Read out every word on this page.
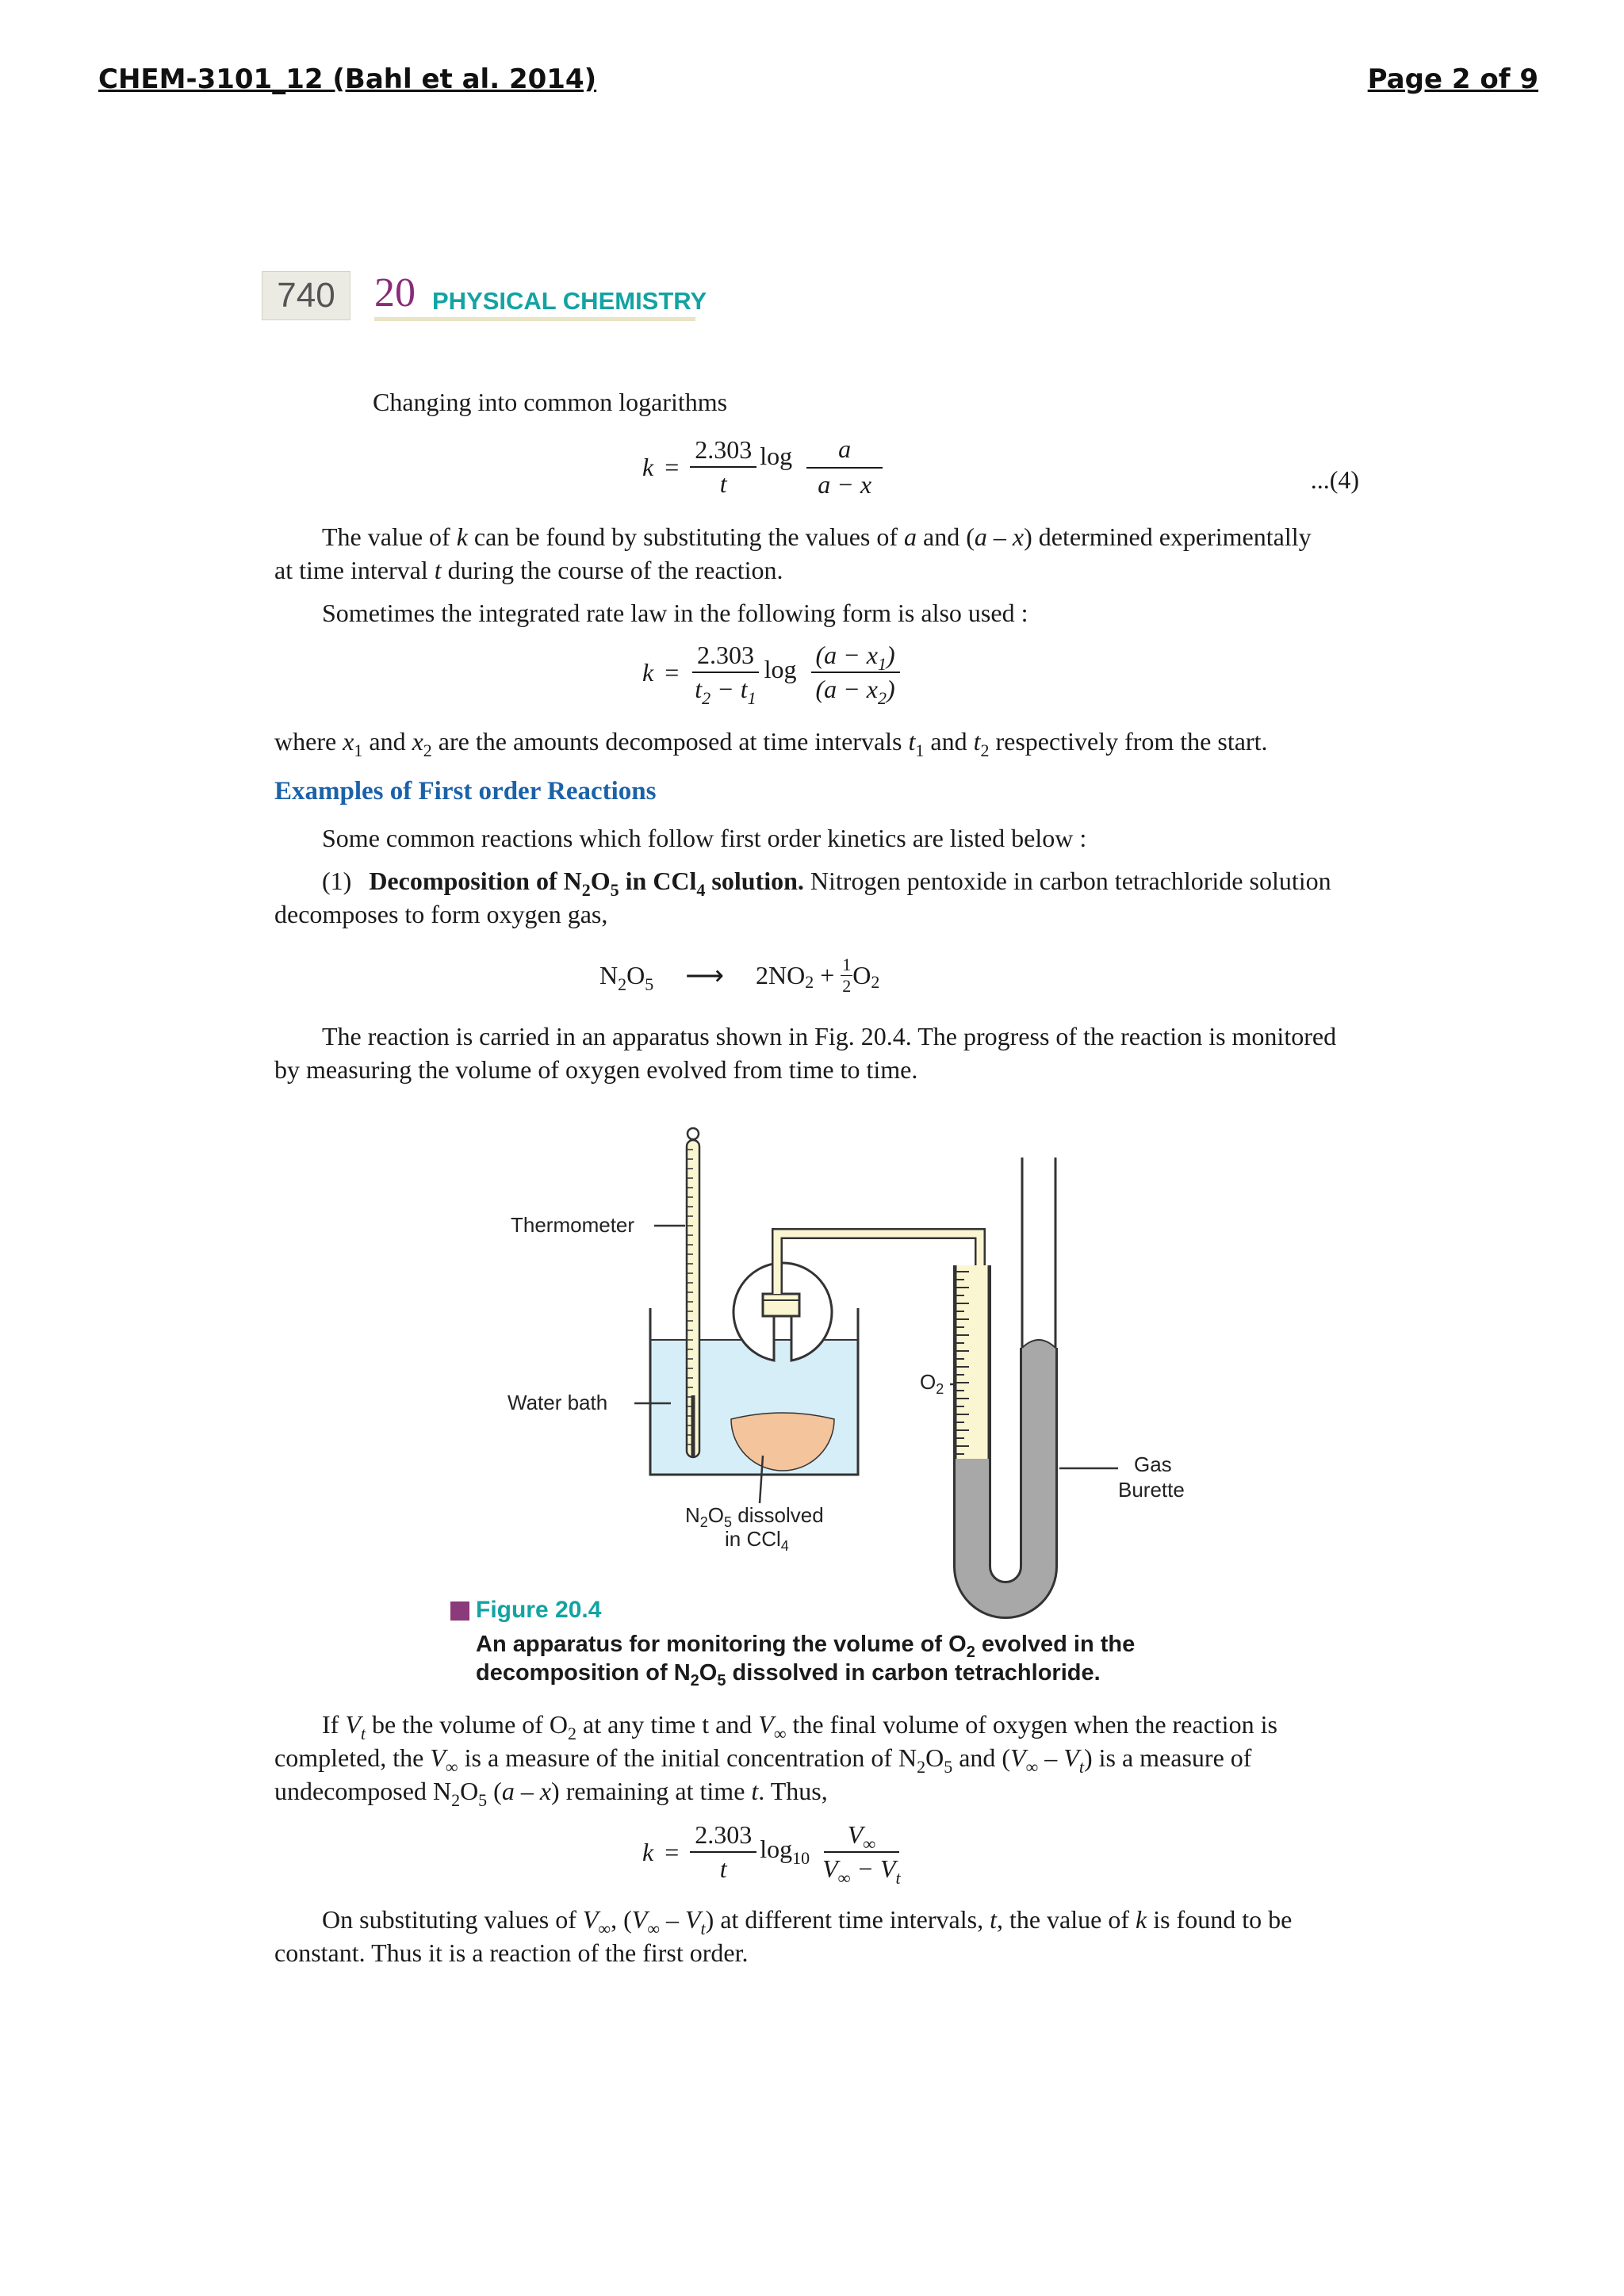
CHEM-3101_12 (Bahl et al. 2014)	Page 2 of 9
740 20 PHYSICAL CHEMISTRY
Changing into common logarithms
$k = \frac{2.303}{t}$ $\log \frac{a}{a - x}$	...(4)
The value of k can be found by substituting the values of a and (a – x) determined experimentally
at time interval t during the course of the reaction.
Sometimes the integrated rate law in the following form is also used :
$k = \frac{2.303}{t_2 - t_1}$ $\log \frac{(a - x_1)}{(a - x_2)}$
where $x_1$ and $x_2$ are the amounts decomposed at time intervals $t_1$ and $t_2$ respectively from the start.
Examples of First order Reactions
Some common reactions which follow first order kinetics are listed below :
(1) Decomposition of $N_2O_5$ in CCl$_4$ solution. Nitrogen pentoxide in carbon tetrachloride solution
decomposes to form oxygen gas,
$N_2O_5$ ⟶ 2NO $2 + \frac{1}{2}$ O 2
The reaction is carried in an apparatus shown in Fig. 20.4. The progress of the reaction is monitored
by measuring the volume of oxygen evolved from time to time.
Thermometer
Water bath
$O_2$
Gas
Burette
$N_2O_5$ dissolved
in CCl$_4$
Figure 20.4
An apparatus for monitoring the volume of $O_2$ evolved in the
decomposition of $N_2O_5$ dissolved in carbon tetrachloride.
If $V_t$ be the volume of $O_2$ at any time t and $V_\infty$ the final volume of oxygen when the reaction is
completed, the $V_\infty$ is a measure of the initial concentration of $N_2O_5$ and $(V_\infty - V_t)$ is a measure of
undecomposed $N_2O_5$ (a – x) remaining at time t. Thus,
$k = \frac{2.303}{t} \log_{10} \frac{V_\infty}{V_\infty - V_t}$
On substituting values of $V_\infty$, $(V_\infty - V_t)$ at different time intervals, t, the value of k is found to be
constant. Thus it is a reaction of the first order.
